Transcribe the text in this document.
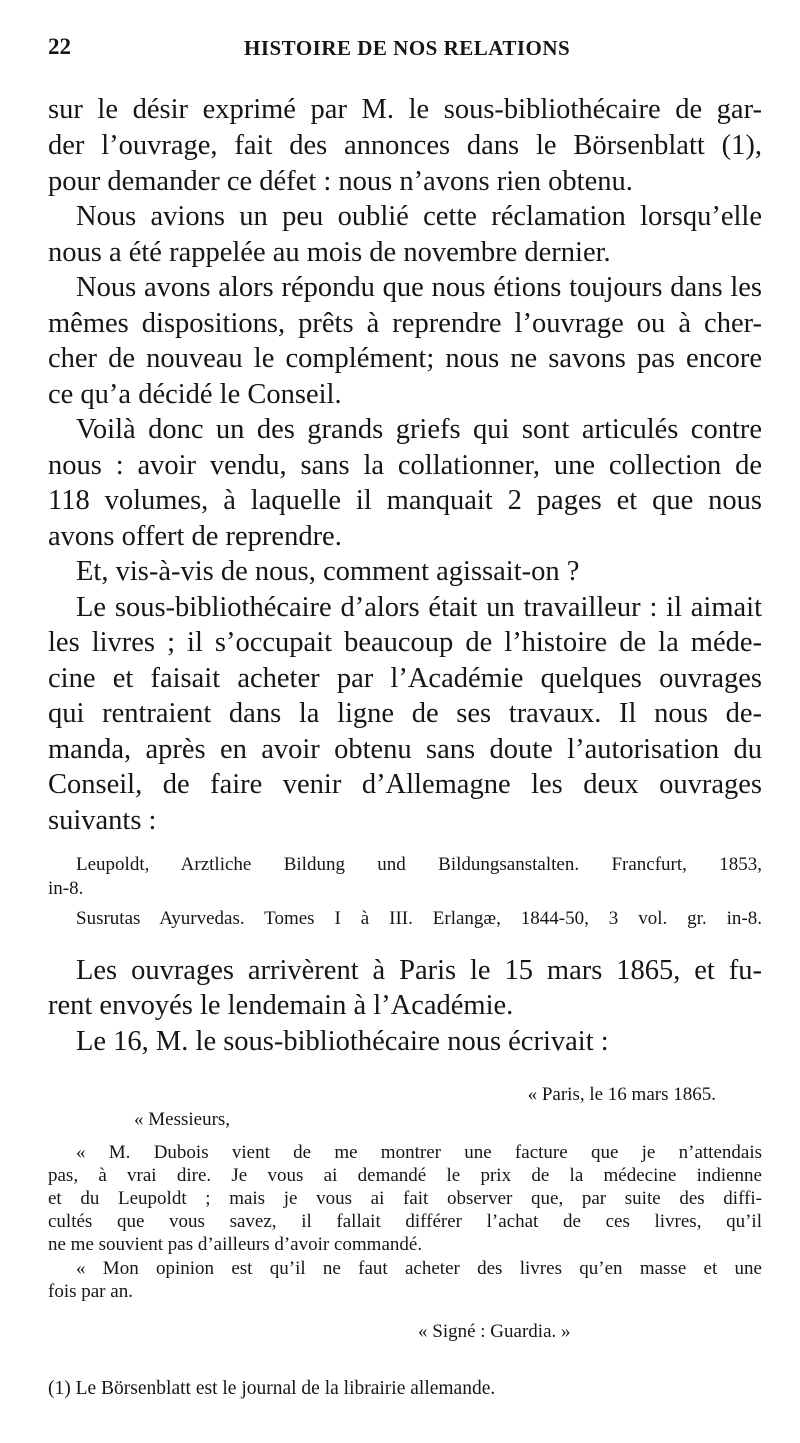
22	HISTOIRE DE NOS RELATIONS
sur le désir exprimé par M. le sous-bibliothécaire de gar-
der l’ouvrage, fait des annonces dans le Börsenblatt (1),
pour demander ce défet : nous n’avons rien obtenu.
Nous avions un peu oublié cette réclamation lorsqu’elle
nous a été rappelée au mois de novembre dernier.
Nous avons alors répondu que nous étions toujours dans les
mêmes dispositions, prêts à reprendre l’ouvrage ou à cher-
cher de nouveau le complément; nous ne savons pas encore
ce qu’a décidé le Conseil.
Voilà donc un des grands griefs qui sont articulés contre
nous : avoir vendu, sans la collationner, une collection de
118 volumes, à laquelle il manquait 2 pages et que nous
avons offert de reprendre.
Et, vis-à-vis de nous, comment agissait-on ?
Le sous-bibliothécaire d’alors était un travailleur : il aimait
les livres ; il s’occupait beaucoup de l’histoire de la méde-
cine et faisait acheter par l’Académie quelques ouvrages
qui rentraient dans la ligne de ses travaux. Il nous de-
manda, après en avoir obtenu sans doute l’autorisation du
Conseil, de faire venir d’Allemagne les deux ouvrages
suivants :
Leupoldt, Arztliche Bildung und Bildungsanstalten. Francfurt, 1853,
in-8.
Susrutas Ayurvedas. Tomes I à III. Erlangæ, 1844-50, 3 vol. gr. in-8.
Les ouvrages arrivèrent à Paris le 15 mars 1865, et fu-
rent envoyés le lendemain à l’Académie.
Le 16, M. le sous-bibliothécaire nous écrivait :
« Paris, le 16 mars 1865.
« Messieurs,
« M. Dubois vient de me montrer une facture que je n’attendais
pas, à vrai dire. Je vous ai demandé le prix de la médecine indienne
et du Leupoldt ; mais je vous ai fait observer que, par suite des diffi-
cultés que vous savez, il fallait différer l’achat de ces livres, qu’il
ne me souvient pas d’ailleurs d’avoir commandé.
« Mon opinion est qu’il ne faut acheter des livres qu’en masse et une
fois par an.
« Signé : Guardia. »
(1) Le Börsenblatt est le journal de la librairie allemande.
